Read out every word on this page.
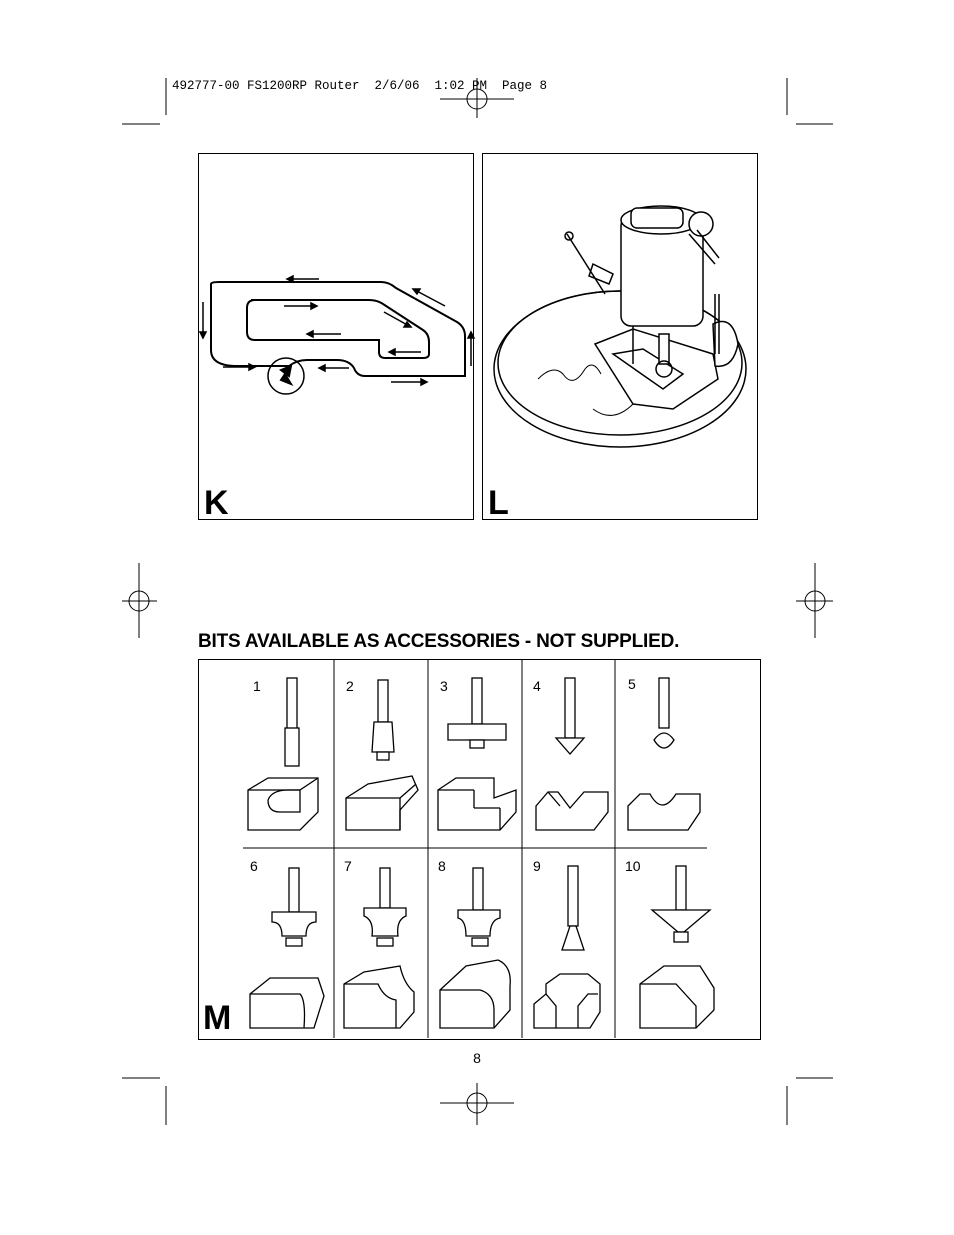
492777-00 FS1200RP Router  2/6/06  1:02 PM  Page 8
K	L
BITS AVAILABLE AS ACCESSORIES - NOT SUPPLIED.
1	2	3	4	5
6	7	8	9	10
M
8
